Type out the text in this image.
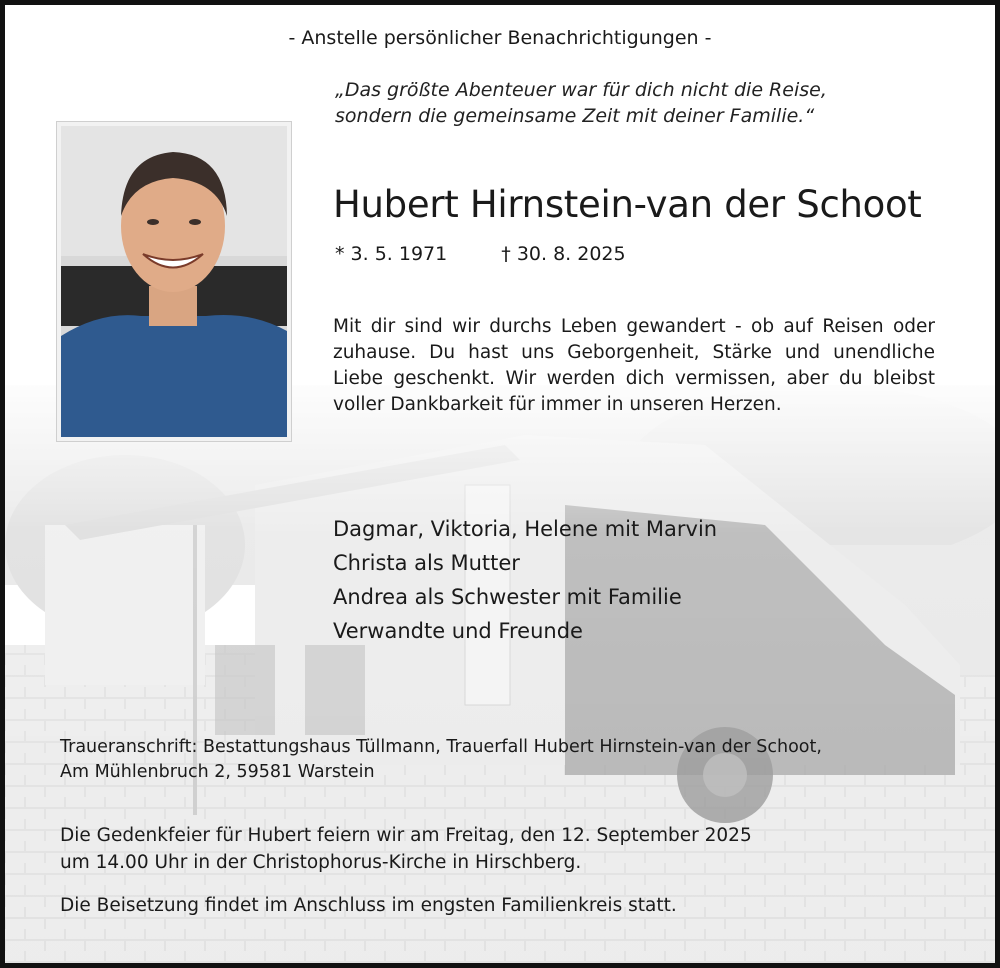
- Anstelle persönlicher Benachrichtigungen -
„Das größte Abenteuer war für dich nicht die Reise,
sondern die gemeinsame Zeit mit deiner Familie.“
Hubert Hirnstein-van der Schoot
* 3. 5. 1971	† 30. 8. 2025
Mit dir sind wir durchs Leben gewandert - ob auf Reisen oder zuhause. Du hast uns Geborgenheit, Stärke und unendliche Liebe geschenkt. Wir werden dich vermissen, aber du bleibst voller Dankbarkeit für immer in unseren Herzen.
Dagmar, Viktoria, Helene mit Marvin
Christa als Mutter
Andrea als Schwester mit Familie
Verwandte und Freunde
Traueranschrift: Bestattungshaus Tüllmann, Trauerfall Hubert Hirnstein-van der Schoot,
Am Mühlenbruch 2, 59581 Warstein
Die Gedenkfeier für Hubert feiern wir am Freitag, den 12. September 2025
um 14.00 Uhr in der Christophorus-Kirche in Hirschberg.
Die Beisetzung findet im Anschluss im engsten Familienkreis statt.
